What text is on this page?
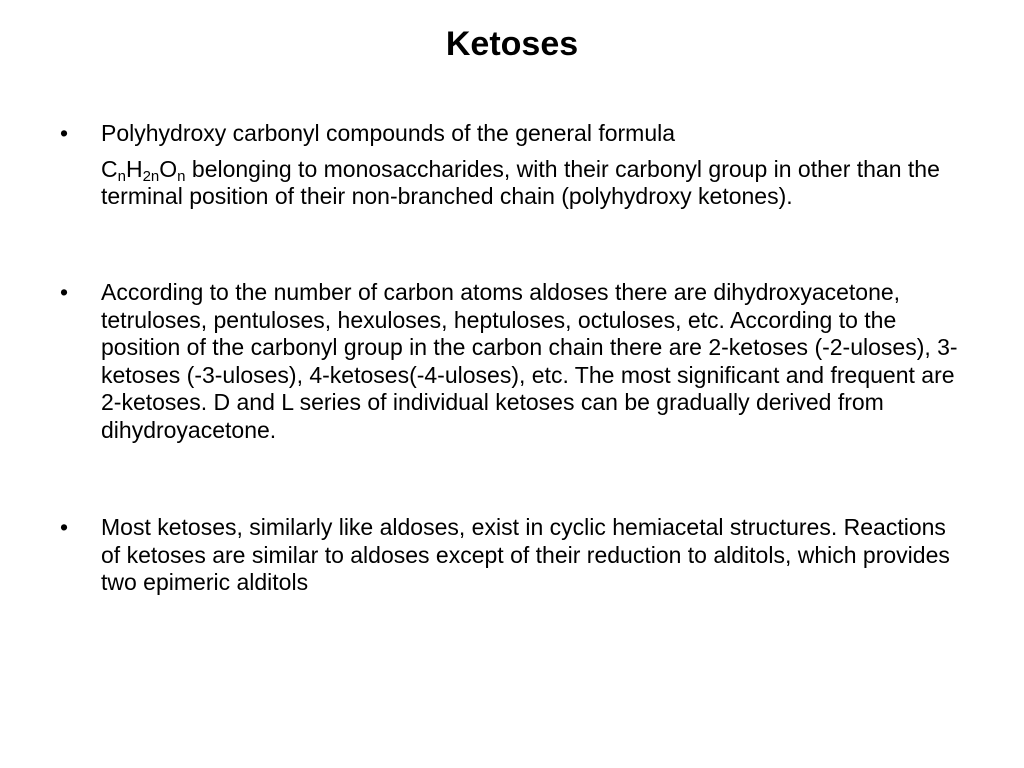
Ketoses
•	Polyhydroxy carbonyl compounds of the general formula
$C_nH_{2n}O_n$ belonging to monosaccharides, with their carbonyl group in other than the terminal position of their non-branched chain (polyhydroxy ketones).
•	According to the number of carbon atoms aldoses there are dihydroxyacetone, tetruloses, pentuloses, hexuloses, heptuloses, octuloses, etc. According to the position of the carbonyl group in the carbon chain there are 2-ketoses (-2-uloses), 3-ketoses (-3-uloses), 4-ketoses(-4-uloses), etc. The most significant and frequent are 2-ketoses. D and L series of individual ketoses can be gradually derived from dihydroyacetone.
•	Most ketoses, similarly like aldoses, exist in cyclic hemiacetal structures. Reactions of ketoses are similar to aldoses except of their reduction to alditols, which provides two epimeric alditols
